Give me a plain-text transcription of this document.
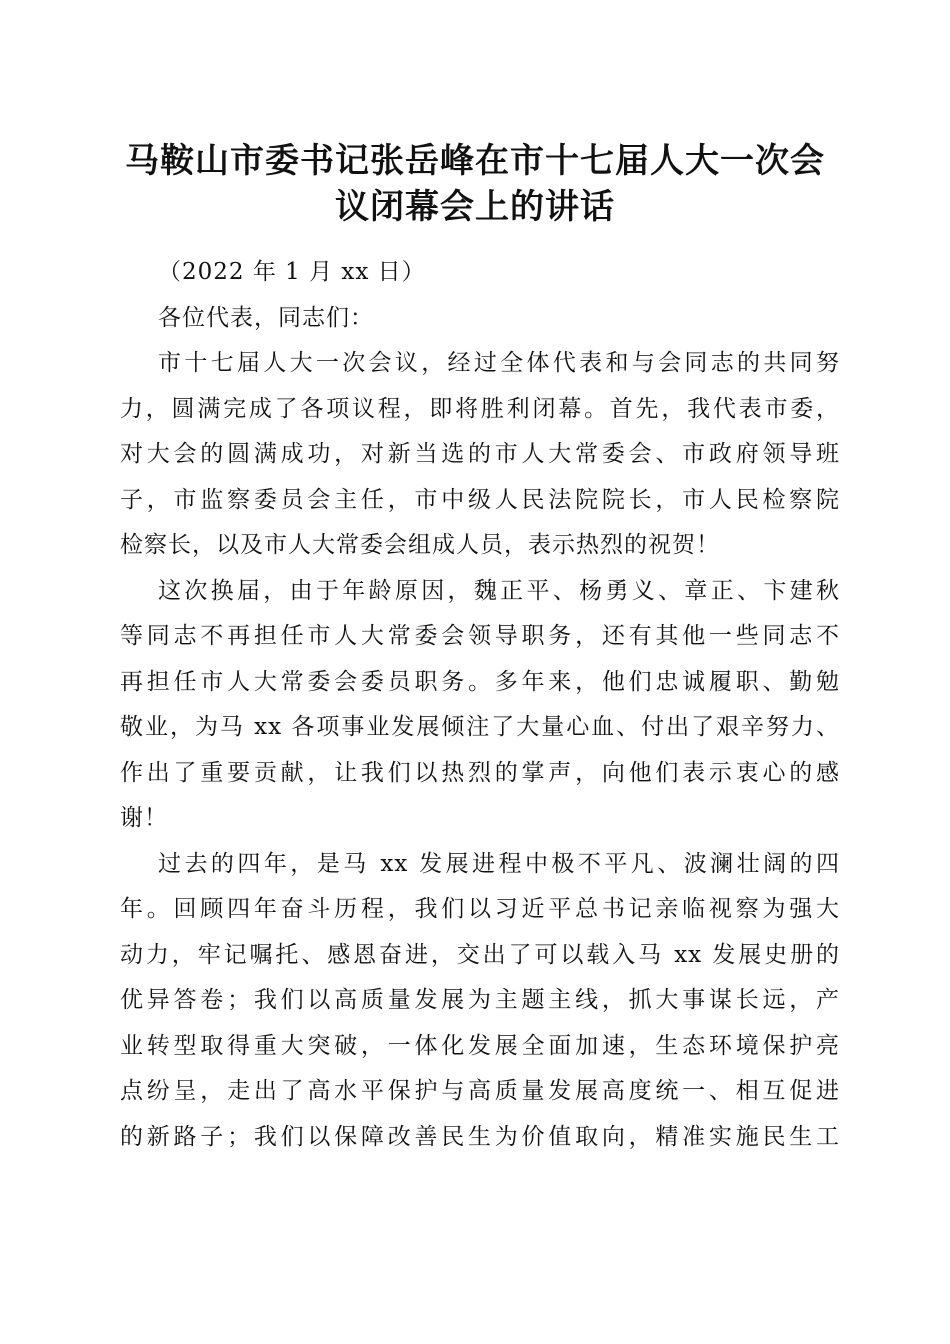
马鞍山市委书记张岳峰在市十七届人大一次会
议闭幕会上的讲话
（2022 年 1 月 xx 日）
各位代表，同志们：
市十七届人大一次会议，经过全体代表和与会同志的共同努
力，圆满完成了各项议程，即将胜利闭幕。首先，我代表市委，
对大会的圆满成功，对新当选的市人大常委会、市政府领导班
子，市监察委员会主任，市中级人民法院院长，市人民检察院
检察长，以及市人大常委会组成人员，表示热烈的祝贺！
这次换届，由于年龄原因，魏正平、杨勇义、章正、卞建秋
等同志不再担任市人大常委会领导职务，还有其他一些同志不
再担任市人大常委会委员职务。多年来，他们忠诚履职、勤勉
敬业，为马 xx 各项事业发展倾注了大量心血、付出了艰辛努力、
作出了重要贡献，让我们以热烈的掌声，向他们表示衷心的感
谢！
过去的四年，是马 xx 发展进程中极不平凡、波澜壮阔的四
年。回顾四年奋斗历程，我们以习近平总书记亲临视察为强大
动力，牢记嘱托、感恩奋进，交出了可以载入马 xx 发展史册的
优异答卷；我们以高质量发展为主题主线，抓大事谋长远，产
业转型取得重大突破，一体化发展全面加速，生态环境保护亮
点纷呈，走出了高水平保护与高质量发展高度统一、相互促进
的新路子；我们以保障改善民生为价值取向，精准实施民生工
